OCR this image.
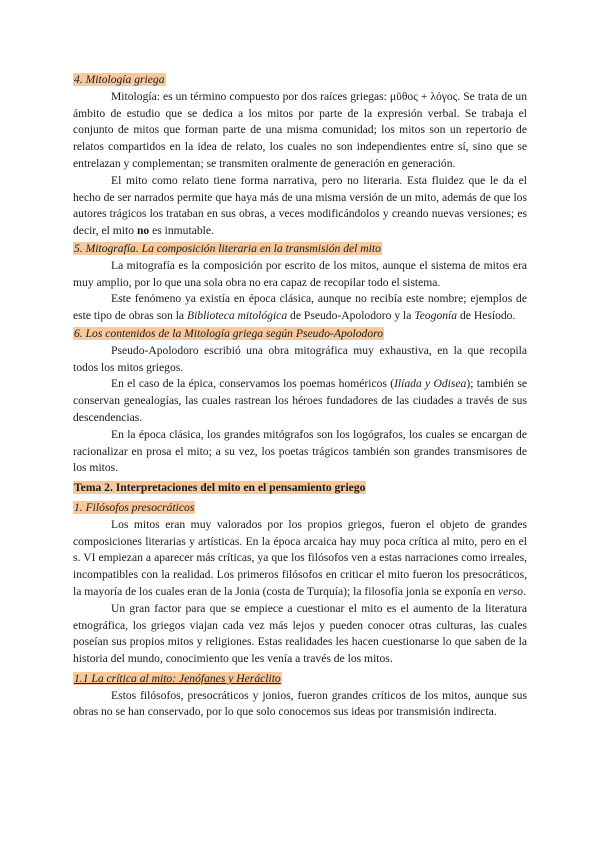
4. Mitología griega

Mitología: es un término compuesto por dos raíces griegas: μῦθος + λόγος. Se trata de un ámbito de estudio que se dedica a los mitos por parte de la expresión verbal. Se trabaja el conjunto de mitos que forman parte de una misma comunidad; los mitos son un repertorio de relatos compartidos en la idea de relato, los cuales no son independientes entre sí, sino que se entrelazan y complementan; se transmiten oralmente de generación en generación.

El mito como relato tiene forma narrativa, pero no literaria. Esta fluidez que le da el hecho de ser narrados permite que haya más de una misma versión de un mito, además de que los autores trágicos los trataban en sus obras, a veces modificándolos y creando nuevas versiones; es decir, el mito no es inmutable.

5. Mitografía. La composición literaria en la transmisión del mito

La mitografía es la composición por escrito de los mitos, aunque el sistema de mitos era muy amplio, por lo que una sola obra no era capaz de recopilar todo el sistema.

Este fenómeno ya existía en época clásica, aunque no recibía este nombre; ejemplos de este tipo de obras son la Biblioteca mitológica de Pseudo-Apolodoro y la Teogonía de Hesíodo.

6. Los contenidos de la Mitología griega según Pseudo-Apolodoro

Pseudo-Apolodoro escribió una obra mitográfica muy exhaustiva, en la que recopila todos los mitos griegos.

En el caso de la épica, conservamos los poemas homéricos (Ilíada y Odisea); también se conservan genealogías, las cuales rastrean los héroes fundadores de las ciudades a través de sus descendencias.

En la época clásica, los grandes mitógrafos son los logógrafos, los cuales se encargan de racionalizar en prosa el mito; a su vez, los poetas trágicos también son grandes transmisores de los mitos.

Tema 2. Interpretaciones del mito en el pensamiento griego
1. Filósofos presocráticos

Los mitos eran muy valorados por los propios griegos, fueron el objeto de grandes composiciones literarias y artísticas. En la época arcaica hay muy poca crítica al mito, pero en el s. VI empiezan a aparecer más críticas, ya que los filósofos ven a estas narraciones como irreales, incompatibles con la realidad. Los primeros filósofos en criticar el mito fueron los presocráticos, la mayoría de los cuales eran de la Jonia (costa de Turquía); la filosofía jonia se exponía en verso.

Un gran factor para que se empiece a cuestionar el mito es el aumento de la literatura etnográfica, los griegos viajan cada vez más lejos y pueden conocer otras culturas, las cuales poseían sus propios mitos y religiones. Estas realidades les hacen cuestionarse lo que saben de la historia del mundo, conocimiento que les venía a través de los mitos.

1.1 La crítica al mito: Jenófanes y Heráclito

Estos filósofos, presocráticos y jonios, fueron grandes críticos de los mitos, aunque sus obras no se han conservado, por lo que solo conocemos sus ideas por transmisión indirecta.
